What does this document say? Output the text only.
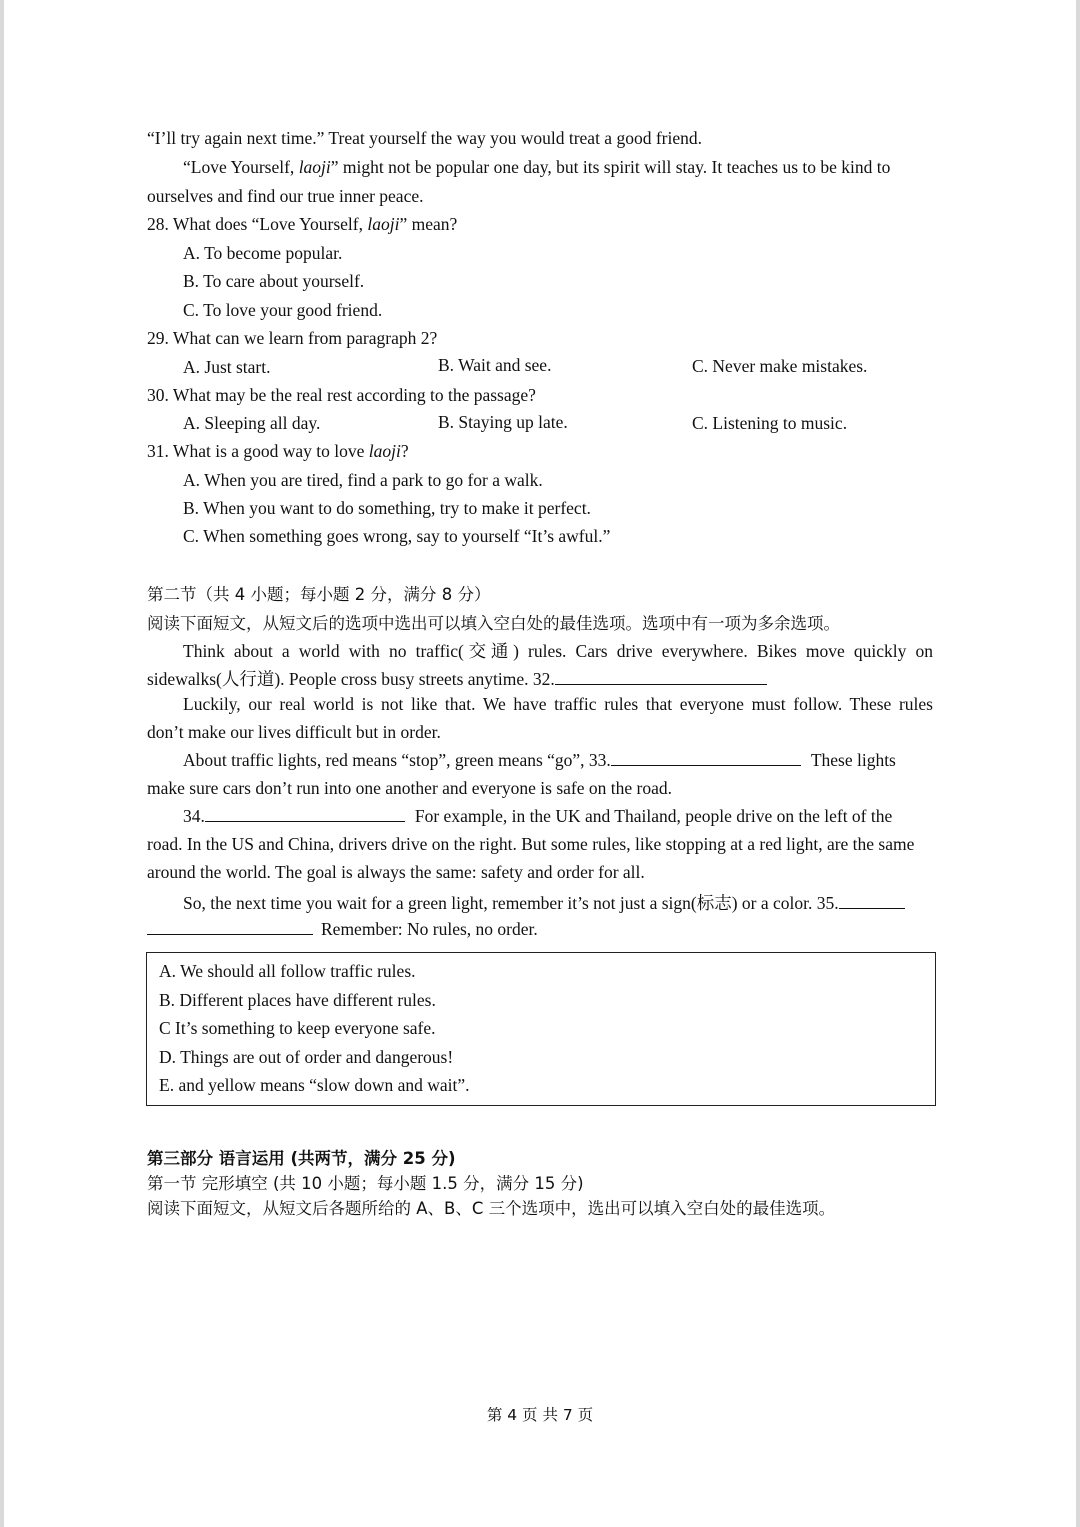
“I’ll try again next time.” Treat yourself the way you would treat a good friend.
“Love Yourself, laoji” might not be popular one day, but its spirit will stay. It teaches us to be kind to
ourselves and find our true inner peace.
28. What does “Love Yourself, laoji” mean?
A. To become popular.
B. To care about yourself.
C. To love your good friend.
29. What can we learn from paragraph 2?
A. Just start.	B. Wait and see.	C. Never make mistakes.
30. What may be the real rest according to the passage?
A. Sleeping all day.	B. Staying up late.	C. Listening to music.
31. What is a good way to love laoji?
A. When you are tired, find a park to go for a walk.
B. When you want to do something, try to make it perfect.
C. When something goes wrong, say to yourself “It’s awful.”
第二节（共 4 小题；每小题 2 分，满分 8 分）
阅读下面短文，从短文后的选项中选出可以填入空白处的最佳选项。选项中有一项为多余选项。
Think about a world with no traffic(交通) rules. Cars drive everywhere. Bikes move quickly on
sidewalks(人行道). People cross busy streets anytime. 32.
Luckily, our real world is not like that. We have traffic rules that everyone must follow. These rules
don’t make our lives difficult but in order.
About traffic lights, red means “stop”, green means “go”, 33.	These lights
make sure cars don’t run into one another and everyone is safe on the road.
34.	For example, in the UK and Thailand, people drive on the left of the
road. In the US and China, drivers drive on the right. But some rules, like stopping at a red light, are the same
around the world. The goal is always the same: safety and order for all.
So, the next time you wait for a green light, remember it’s not just a sign(标志) or a color. 35.
Remember: No rules, no order.
A. We should all follow traffic rules.
B. Different places have different rules.
C It’s something to keep everyone safe.
D. Things are out of order and dangerous!
E. and yellow means “slow down and wait”.
第三部分 语言运用 (共两节，满分 25 分)
第一节 完形填空 (共 10 小题；每小题 1.5 分，满分 15 分)
阅读下面短文，从短文后各题所给的 A、B、C 三个选项中，选出可以填入空白处的最佳选项。
第 4 页 共 7 页
